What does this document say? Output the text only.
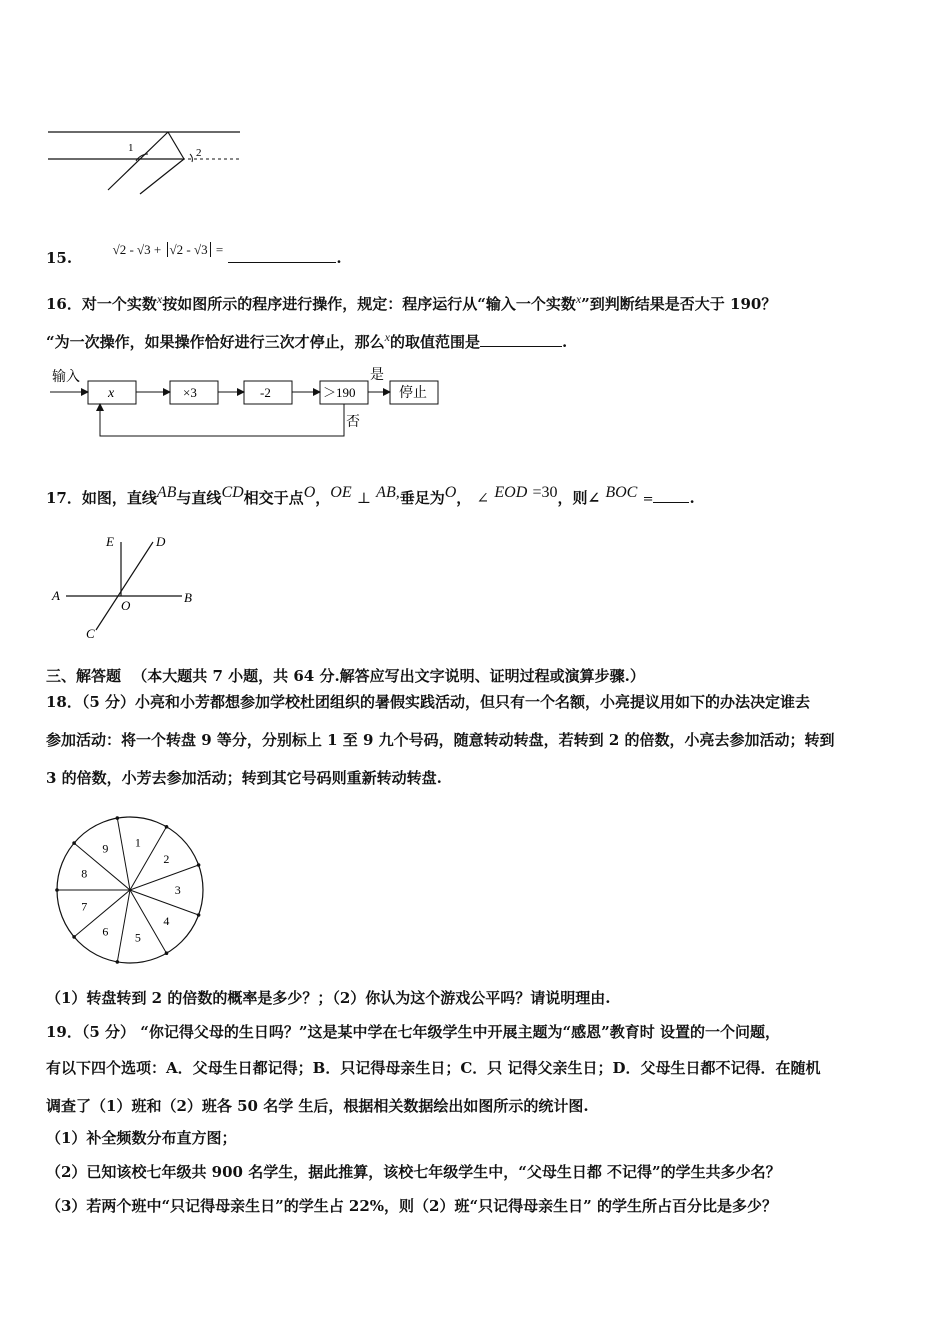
1	2
15.	√2 - √3 + √2 - √3 =	.
16．对一个实数$^x$按如图所示的程序进行操作，规定：程序运行从“输入一个实数$^x$”到判断结果是否大于 190？
“为一次操作，如果操作恰好进行三次才停止，那么$^x$的取值范围是	.
输入
x	×3	-2	＞190
是
停止
否
17．如图，直线AB与直线CD相交于点O，OE ⊥ AB,垂足为O， ∠ EOD =30，则∠ BOC = .
E	D
A
O
B
C
三、解答题 （本大题共 7 小题，共 64 分.解答应写出文字说明、证明过程或演算步骤.）
18．（5 分）小亮和小芳都想参加学校杜团组织的暑假实践活动，但只有一个名额，小亮提议用如下的办法决定谁去
参加活动：将一个转盘 9 等分，分别标上 1 至 9 九个号码，随意转动转盘，若转到 2 的倍数，小亮去参加活动；转到
3 的倍数，小芳去参加活动；转到其它号码则重新转动转盘.
1
2
3
4
5
6
7
8
9
（1）转盘转到 2 的倍数的概率是多少？；（2）你认为这个游戏公平吗？请说明理由.
19．（5 分） “你记得父母的生日吗？”这是某中学在七年级学生中开展主题为“感恩”教育时 设置的一个问题，
有以下四个选项：A．父母生日都记得；B．只记得母亲生日；C．只 记得父亲生日；D．父母生日都不记得．在随机
调查了（1）班和（2）班各 50 名学 生后，根据相关数据绘出如图所示的统计图.
（1）补全频数分布直方图；
（2）已知该校七年级共 900 名学生，据此推算，该校七年级学生中，“父母生日都 不记得”的学生共多少名？
（3）若两个班中“只记得母亲生日”的学生占 22%，则（2）班“只记得母亲生日” 的学生所占百分比是多少？
